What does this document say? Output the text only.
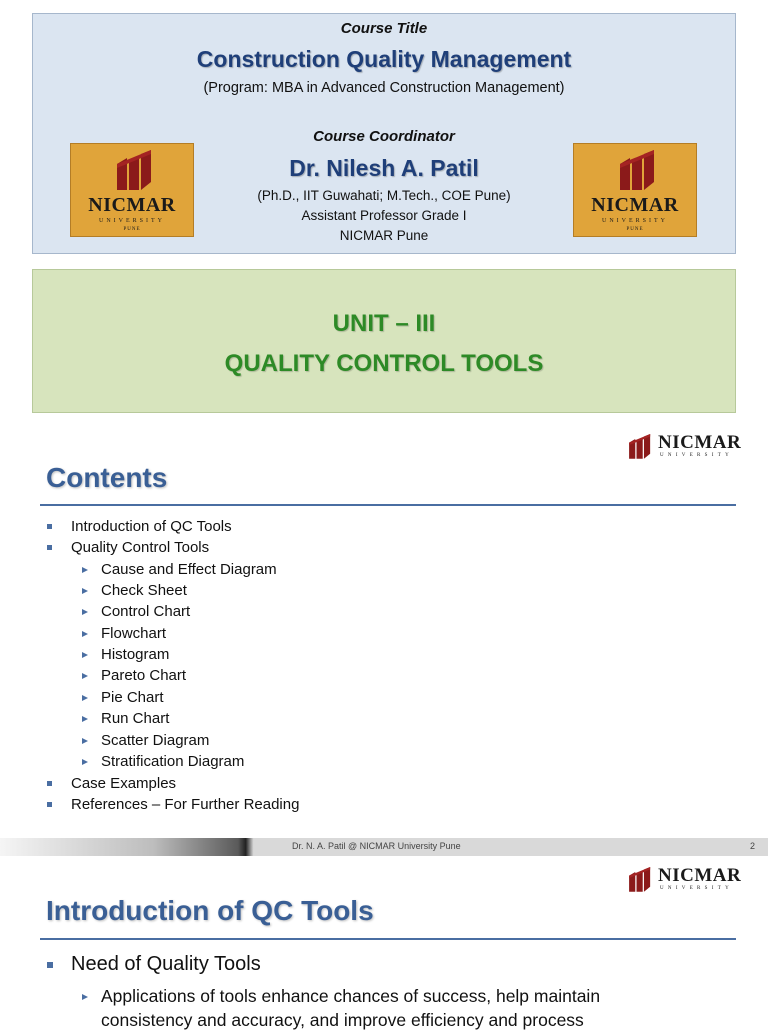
Course Title
Construction Quality Management
(Program: MBA in Advanced Construction Management)
Course Coordinator
Dr. Nilesh A. Patil
(Ph.D., IIT Guwahati; M.Tech., COE Pune)
Assistant Professor Grade I
NICMAR Pune
NICMAR
UNIVERSITY
PUNE
NICMAR
UNIVERSITY
PUNE
UNIT – III
QUALITY CONTROL TOOLS
NICMAR
UNIVERSITY
Contents
Introduction of QC Tools
Quality Control Tools
Cause and Effect Diagram
Check Sheet
Control Chart
Flowchart
Histogram
Pareto Chart
Pie Chart
Run Chart
Scatter Diagram
Stratification Diagram
Case Examples
References – For Further Reading
Dr. N. A. Patil @ NICMAR University Pune	2
NICMAR
UNIVERSITY
Introduction of QC Tools
Need of Quality Tools
Applications of tools enhance chances of success, help maintain
consistency and accuracy, and improve efficiency and process
